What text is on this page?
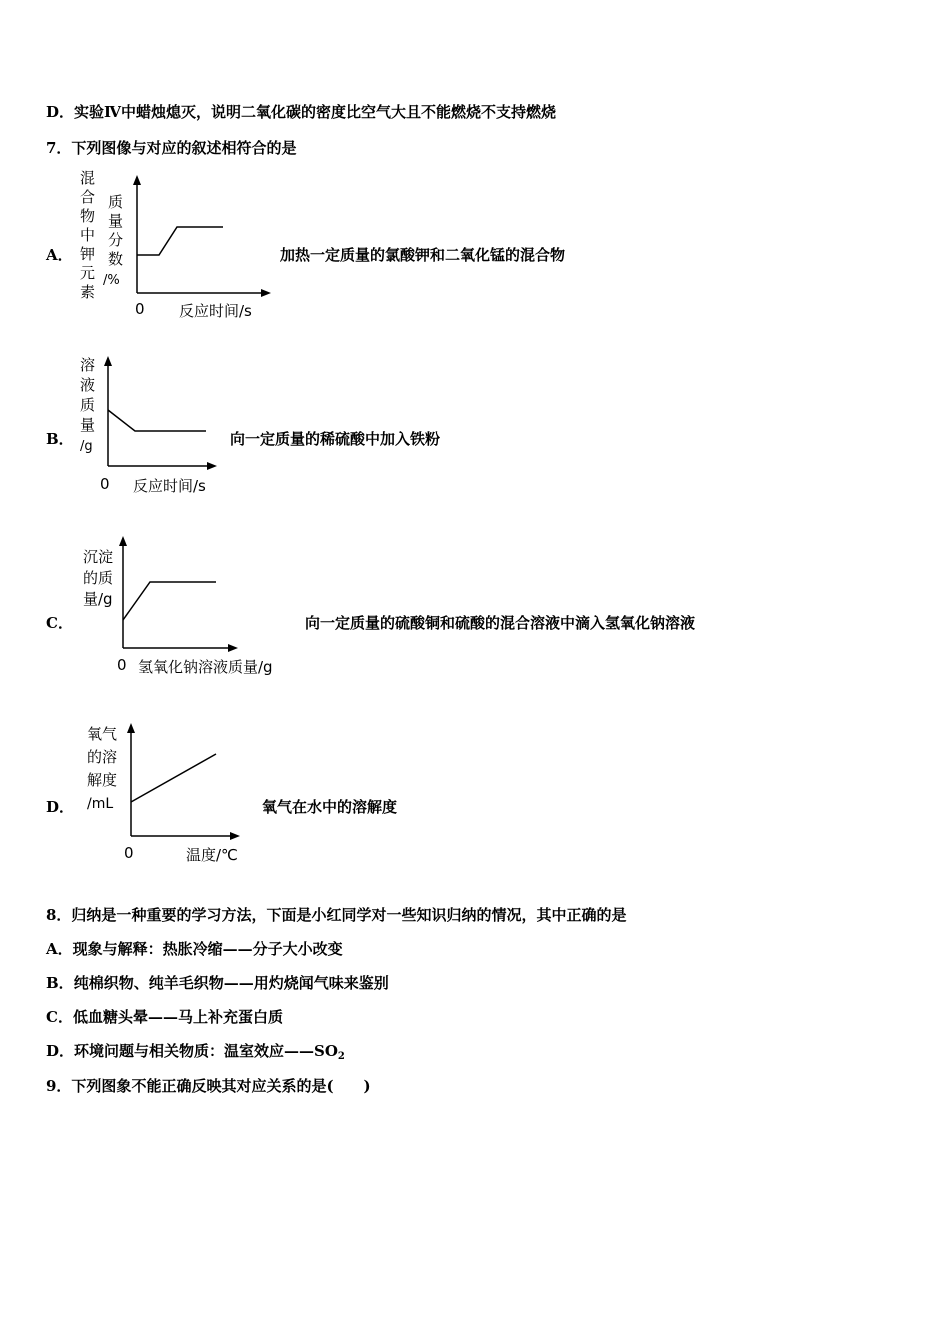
D．实验Ⅳ中蜡烛熄灭，说明二氧化碳的密度比空气大且不能燃烧不支持燃烧
7．下列图像与对应的叙述相符合的是
A．
混
合
物
中
钾
元
素
质
量
分
数
/%
0 反应时间/s
加热一定质量的氯酸钾和二氧化锰的混合物
B．
溶
液
质
量
/g
0 反应时间/s
向一定质量的稀硫酸中加入铁粉
C．
沉淀
的质
量/g
0 氢氧化钠溶液质量/g
向一定质量的硫酸铜和硫酸的混合溶液中滴入氢氧化钠溶液
D．
氧气
的溶
解度
/mL
0	温度/℃
氧气在水中的溶解度
8．归纳是一种重要的学习方法，下面是小红同学对一些知识归纳的情况，其中正确的是
A．现象与解释：热胀冷缩——分子大小改变
B．纯棉织物、纯羊毛织物——用灼烧闻气味来鉴别
C．低血糖头晕——马上补充蛋白质
D．环境问题与相关物质：温室效应$——SO_2$
9．下列图象不能正确反映其对应关系的是(　　)
